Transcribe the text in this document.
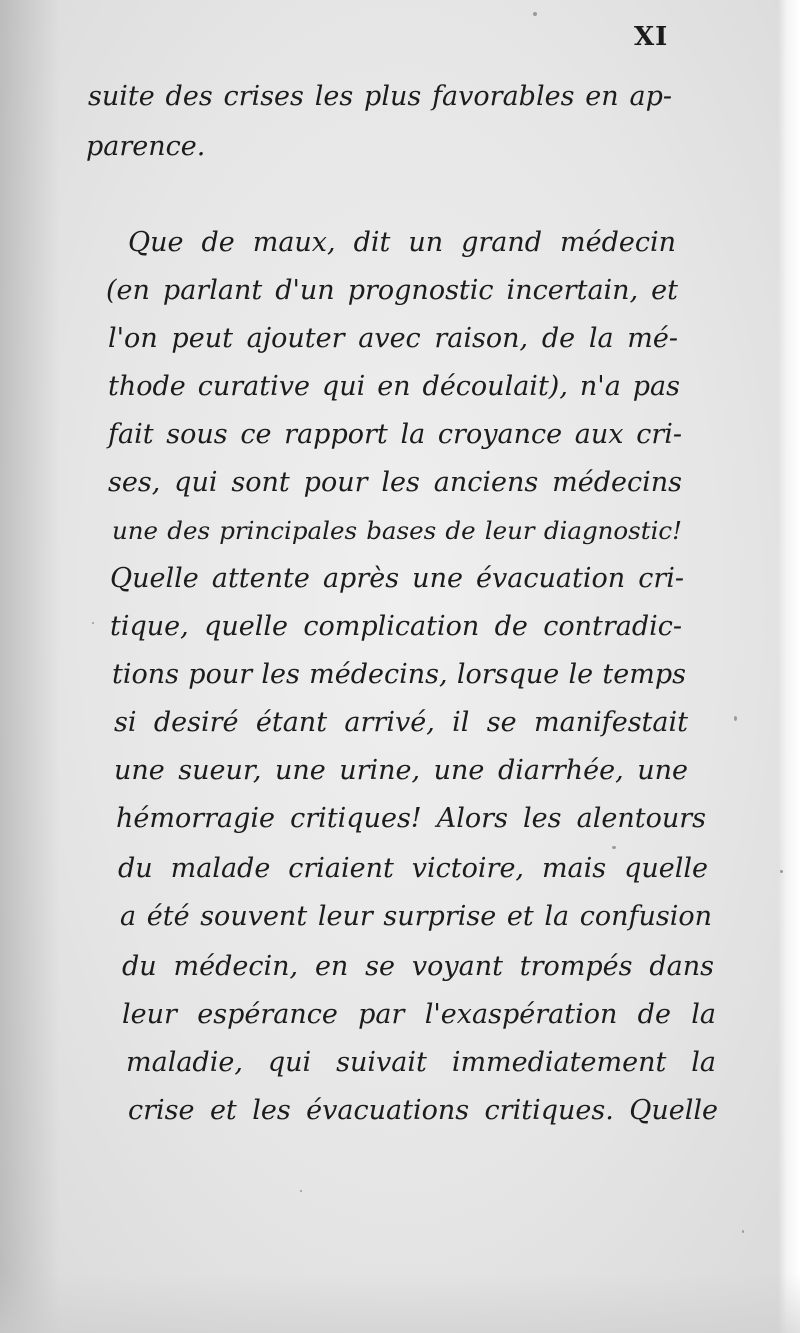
XI
suite des crises les plus favorables en ap-
parence.
Que de maux, dit un grand médecin
(en parlant d'un prognostic incertain, et
l'on peut ajouter avec raison, de la mé-
thode curative qui en découlait), n'a pas
fait sous ce rapport la croyance aux cri-
ses, qui sont pour les anciens médecins
une des principales bases de leur diagnostic!
Quelle attente après une évacuation cri-
tique, quelle complication de contradic-
tions pour les médecins, lorsque le temps
si desiré étant arrivé, il se manifestait
une sueur, une urine, une diarrhée, une
hémorragie critiques! Alors les alentours
du malade criaient victoire, mais quelle
a été souvent leur surprise et la confusion
du médecin, en se voyant trompés dans
leur espérance par l'exaspération de la
maladie, qui suivait immediatement la
crise et les évacuations critiques. Quelle
